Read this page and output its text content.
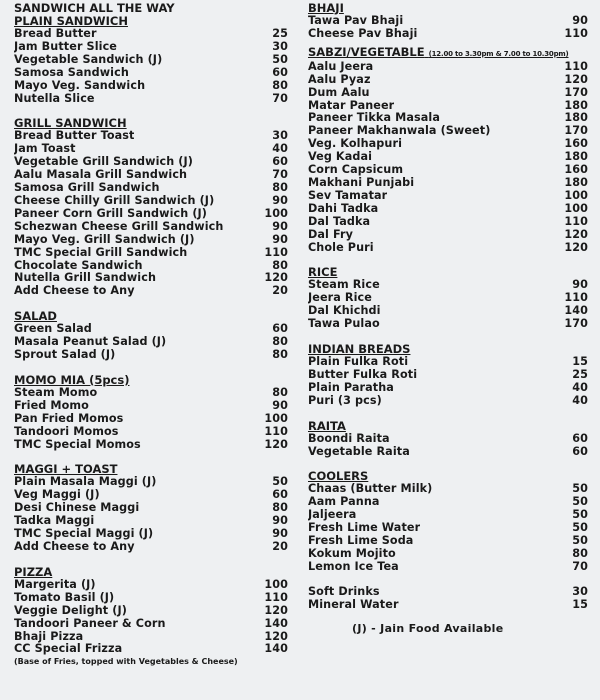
SANDWICH ALL THE WAY
PLAIN SANDWICH
Bread Butter	25
Jam Butter Slice	30
Vegetable Sandwich (J)	50
Samosa Sandwich	60
Mayo Veg. Sandwich	80
Nutella Slice	70
GRILL SANDWICH
Bread Butter Toast	30
Jam Toast	40
Vegetable Grill Sandwich (J)	60
Aalu Masala Grill Sandwich	70
Samosa Grill Sandwich	80
Cheese Chilly Grill Sandwich (J)	90
Paneer Corn Grill Sandwich (J)	100
Schezwan Cheese Grill Sandwich	90
Mayo Veg. Grill Sandwich (J)	90
TMC Special Grill Sandwich	110
Chocolate Sandwich	80
Nutella Grill Sandwich	120
Add Cheese to Any	20
SALAD
Green Salad	60
Masala Peanut Salad (J)	80
Sprout Salad (J)	80
MOMO MIA (5pcs)
Steam Momo	80
Fried Momo	90
Pan Fried Momos	100
Tandoori Momos	110
TMC Special Momos	120
MAGGI + TOAST
Plain Masala Maggi (J)	50
Veg Maggi (J)	60
Desi Chinese Maggi	80
Tadka Maggi	90
TMC Special Maggi (J)	90
Add Cheese to Any	20
PIZZA
Margerita (J)	100
Tomato Basil (J)	110
Veggie Delight (J)	120
Tandoori Paneer & Corn	140
Bhaji Pizza	120
CC Special Frizza	140
(Base of Fries, topped with Vegetables & Cheese)
BHAJI
Tawa Pav Bhaji	90
Cheese Pav Bhaji	110
SABZI/VEGETABLE (12.00 to 3.30pm & 7.00 to 10.30pm)
Aalu Jeera	110
Aalu Pyaz	120
Dum Aalu	170
Matar Paneer	180
Paneer Tikka Masala	180
Paneer Makhanwala (Sweet)	170
Veg. Kolhapuri	160
Veg Kadai	180
Corn Capsicum	160
Makhani Punjabi	180
Sev Tamatar	100
Dahi Tadka	100
Dal Tadka	110
Dal Fry	120
Chole Puri	120
RICE
Steam Rice	90
Jeera Rice	110
Dal Khichdi	140
Tawa Pulao	170
INDIAN BREADS
Plain Fulka Roti	15
Butter Fulka Roti	25
Plain Paratha	40
Puri (3 pcs)	40
RAITA
Boondi Raita	60
Vegetable Raita	60
COOLERS
Chaas (Butter Milk)	50
Aam Panna	50
Jaljeera	50
Fresh Lime Water	50
Fresh Lime Soda	50
Kokum Mojito	80
Lemon Ice Tea	70
Soft Drinks	30
Mineral Water	15
(J) - Jain Food Available
